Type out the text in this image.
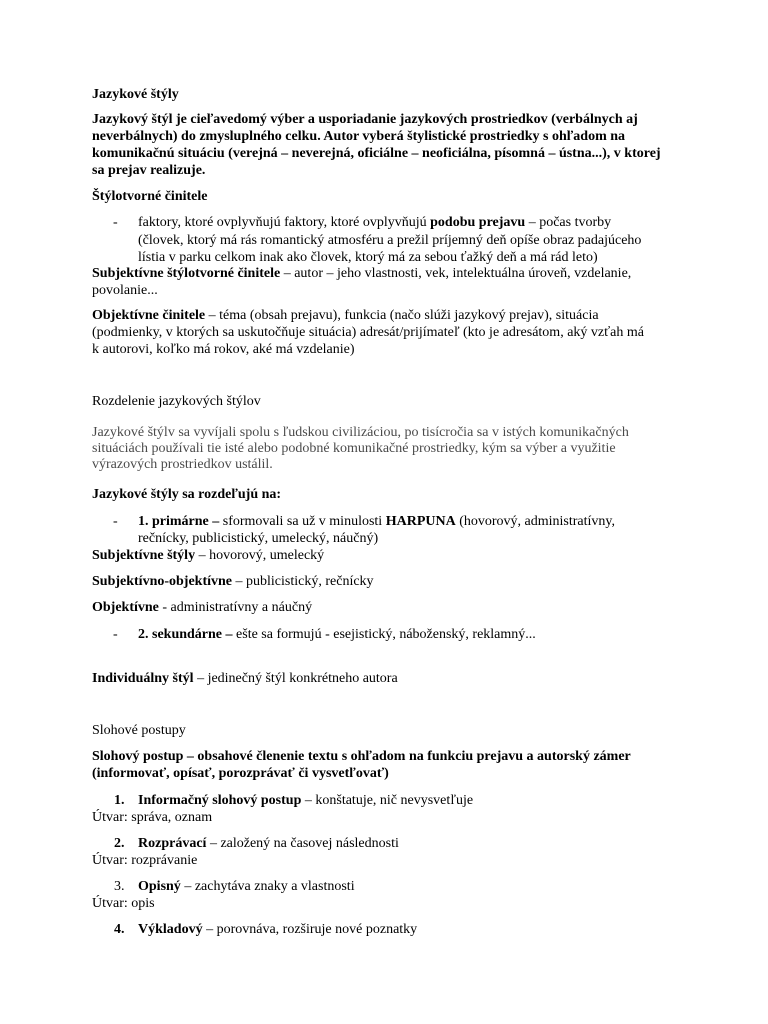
Jazykové štýly
Jazykový štýl je cieľavedomý výber a usporiadanie jazykových prostriedkov (verbálnych aj
neverbálnych) do zmysluplného celku. Autor vyberá štylistické prostriedky s ohľadom na
komunikačnú situáciu (verejná – neverejná, oficiálne – neoficiálna, písomná – ústna...), v ktorej
sa prejav realizuje.
Štýlotvorné činitele
- faktory, ktoré ovplyvňujú faktory, ktoré ovplyvňujú podobu prejavu – počas tvorby
(človek, ktorý má rás romantický atmosféru a prežil príjemný deň opíše obraz padajúceho
lístia v parku celkom inak ako človek, ktorý má za sebou ťažký deň a má rád leto)
Subjektívne štýlotvorné činitele – autor – jeho vlastnosti, vek, intelektuálna úroveň, vzdelanie,
povolanie...
Objektívne činitele – téma (obsah prejavu), funkcia (načo slúži jazykový prejav), situácia
(podmienky, v ktorých sa uskutočňuje situácia) adresát/prijímateľ (kto je adresátom, aký vzťah má
k autorovi, koľko má rokov, aké má vzdelanie)
Rozdelenie jazykových štýlov
Jazykové štýlv sa vyvíjali spolu s ľudskou civilizáciou, po tisícročia sa v istých komunikačných
situáciách používali tie isté alebo podobné komunikačné prostriedky, kým sa výber a využitie
výrazových prostriedkov ustálil.
Jazykové štýly sa rozdeľujú na:
- 1. primárne – sformovali sa už v minulosti HARPUNA (hovorový, administratívny,
rečnícky, publicistický, umelecký, náučný)
Subjektívne štýly – hovorový, umelecký
Subjektívno-objektívne – publicistický, rečnícky
Objektívne - administratívny a náučný
- 2. sekundárne – ešte sa formujú - esejistický, náboženský, reklamný...
Individuálny štýl – jedinečný štýl konkrétneho autora
Slohové postupy
Slohový postup – obsahové členenie textu s ohľadom na funkciu prejavu a autorský zámer
(informovať, opísať, porozprávať či vysvetľovať)
1. Informačný slohový postup – konštatuje, nič nevysvetľuje
Útvar: správa, oznam
2. Rozprávací – založený na časovej následnosti
Útvar: rozprávanie
3. Opisný – zachytáva znaky a vlastnosti
Útvar: opis
4. Výkladový – porovnáva, rozširuje nové poznatky
